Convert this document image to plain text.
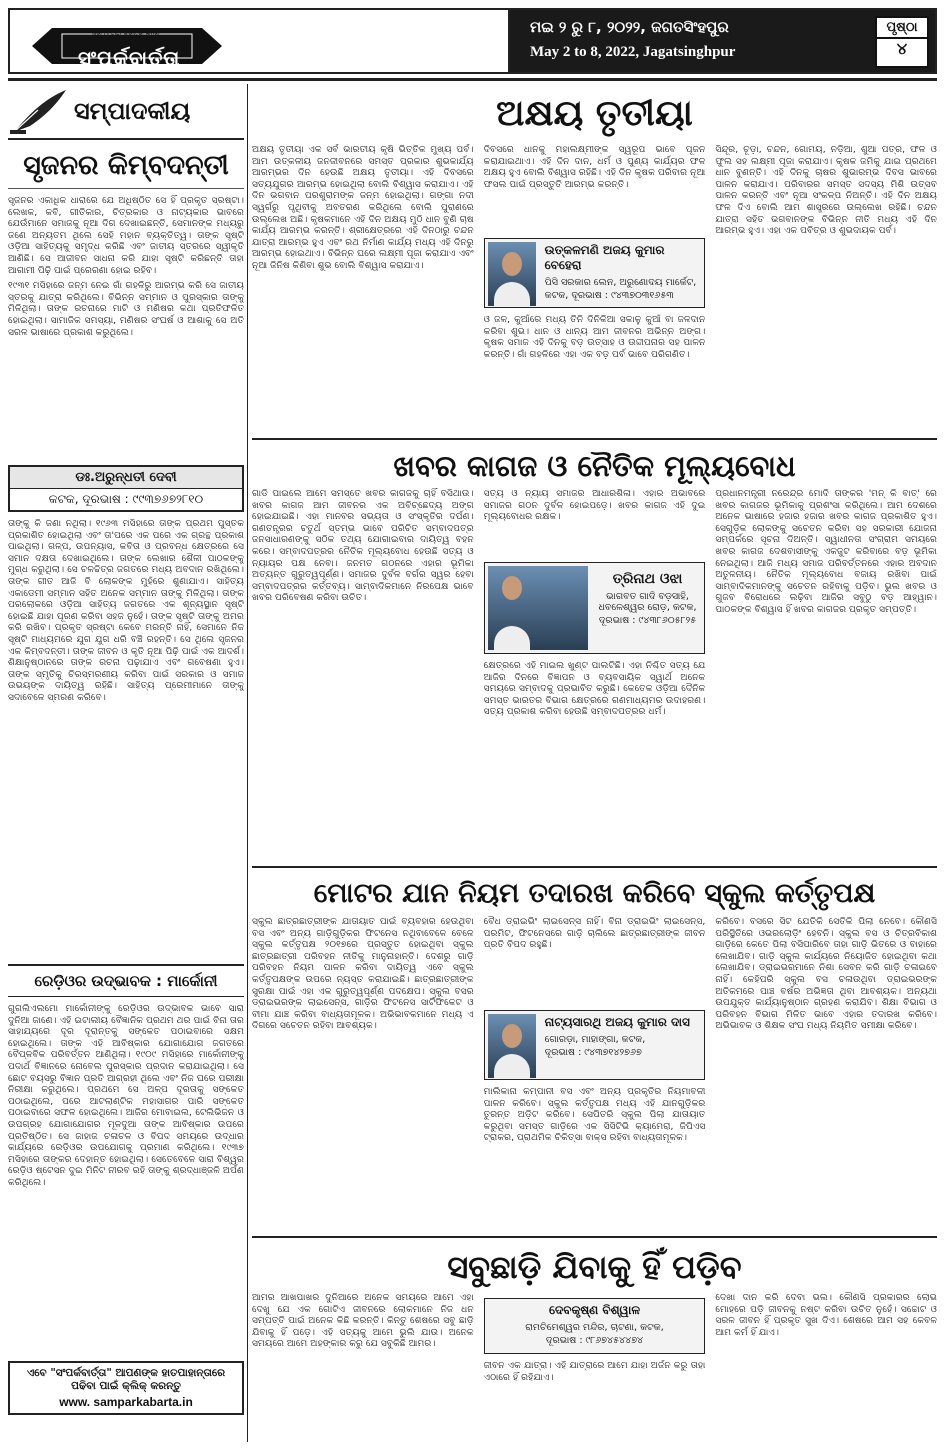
ଜନ ଓ ଗଣ ଚିନ୍ତନ କରେ
ସଂପର୍କବାର୍ତ୍ତା
ମଇ ୨ ରୁ ୮, ୨୦୨୨, ଜଗତସିଂହପୁର
May 2 to 8, 2022, Jagatsinghpur
ପୃଷ୍ଠା
୪
ସମ୍ପାଦକୀୟ
ସୃଜନର କିମ୍ବଦନ୍ତୀ

ସୃଜନର ଏକାଧିକ ଧାରାରେ ଯେ ଅଧିଷ୍ଠିତ ସେ ହିଁ ପ୍ରକୃତ ସ୍ରଷ୍ଟା। ଲେଖକ, କବି, ଗୀତିକାର, ଚିତ୍ରକାର ଓ ନାଟ୍ୟକାର ଭାବରେ ଯେଉଁମାନେ ସମାଜକୁ ନୂଆ ଦିଗ ଦେଖାଇଛନ୍ତି, ସେମାନଙ୍କ ମଧ୍ୟରୁ ଜଣେ ଅନ୍ୟତମ ଥିଲେ ସେହି ମହାନ ବ୍ୟକ୍ତିତ୍ୱ। ତାଙ୍କ ସୃଷ୍ଟି ଓଡ଼ିଆ ସାହିତ୍ୟକୁ ସମୃଦ୍ଧ କରିଛି ଏବଂ ଜାତୀୟ ସ୍ତରରେ ସ୍ୱୀକୃତି ଆଣିଛି। ସେ ଆଜୀବନ ସାଧନା କରି ଯାହା ସୃଷ୍ଟି କରିଛନ୍ତି ତାହା ଆଗାମୀ ପିଢ଼ି ପାଇଁ ପ୍ରେରଣା ହୋଇ ରହିବ।

୧୯୩୧ ମସିହାରେ ଜନ୍ମ ନେଇ ଗାଁ ଗହଳିରୁ ଆରମ୍ଭ କରି ସେ ଜାତୀୟ ସ୍ତରକୁ ଯାତ୍ରା କରିଥିଲେ। ବିଭିନ୍ନ ସମ୍ମାନ ଓ ପୁରସ୍କାର ତାଙ୍କୁ ମିଳିଥିଲା। ତାଙ୍କ ରଚନାରେ ମାଟି ଓ ମଣିଷର କଥା ପ୍ରତିଫଳିତ ହୋଇଥିଲା। ସାମାଜିକ ସମସ୍ୟା, ମଣିଷର ସଂଘର୍ଷ ଓ ଆଶାକୁ ସେ ଅତି ସରଳ ଭାଷାରେ ପ୍ରକାଶ କରୁଥିଲେ।

ଡଃ.ଅରୁନ୍ଧତୀ ଦେବୀ
କଟକ, ଦୂରଭାଷ : ୯୯୩୭୬୭୨୮୧୦
ତାଙ୍କୁ କି ଜଣା ନଥିଲା। ୧୯୬୩ ମସିହାରେ ତାଙ୍କ ପ୍ରଥମ ପୁସ୍ତକ ପ୍ରକାଶିତ ହୋଇଥିଲା ଏବଂ ତା'ପରେ ଏକ ପରେ ଏକ ଗ୍ରନ୍ଥ ପ୍ରକାଶ ପାଇଥିଲା। ଗଳ୍ପ, ଉପନ୍ୟାସ, କବିତା ଓ ପ୍ରବନ୍ଧ କ୍ଷେତ୍ରରେ ସେ ସମାନ ଦକ୍ଷତା ଦେଖାଇଥିଲେ। ତାଙ୍କ ଲେଖାର ଶୈଳୀ ପାଠକଙ୍କୁ ମୁଗ୍ଧ କରୁଥିଲା। ସେ ଚଳଚ୍ଚିତ୍ର ଜଗତରେ ମଧ୍ୟ ଅବଦାନ ରଖିଥିଲେ। ତାଙ୍କ ଗୀତ ଆଜି ବି ଲୋକଙ୍କ ମୁହଁରେ ଶୁଣାଯାଏ। ସାହିତ୍ୟ ଏକାଡେମୀ ସମ୍ମାନ ସହିତ ଅନେକ ସମ୍ମାନ ତାଙ୍କୁ ମିଳିଥିଲା। ତାଙ୍କ ପରଲୋକରେ ଓଡ଼ିଆ ସାହିତ୍ୟ ଜଗତରେ ଏକ ଶୂନ୍ୟସ୍ଥାନ ସୃଷ୍ଟି ହୋଇଛି ଯାହା ପୂରଣ କରିବା ସହଜ ନୁହେଁ। ତାଙ୍କ ସୃଷ୍ଟି ତାଙ୍କୁ ଅମର କରି ରଖିବ। ପ୍ରକୃତ ସ୍ରଷ୍ଟା କେବେ ମରନ୍ତି ନାହିଁ, ସେମାନେ ନିଜ ସୃଷ୍ଟି ମାଧ୍ୟମରେ ଯୁଗ ଯୁଗ ଧରି ବଞ୍ଚି ରହନ୍ତି। ସେ ଥିଲେ ସୃଜନର ଏକ କିମ୍ବଦନ୍ତୀ। ତାଙ୍କ ଜୀବନ ଓ କୃତି ନୂଆ ପିଢ଼ି ପାଇଁ ଏକ ଆଦର୍ଶ। ଶିକ୍ଷାନୁଷ୍ଠାନରେ ତାଙ୍କ ରଚନା ପଢ଼ାଯାଏ ଏବଂ ଗବେଷଣା ହୁଏ। ତାଙ୍କ ସ୍ମୃତିକୁ ଚିରସ୍ମରଣୀୟ କରିବା ପାଇଁ ସରକାର ଓ ସମାଜ ଉଭୟଙ୍କ ଦାୟିତ୍ୱ ରହିଛି। ସାହିତ୍ୟ ପ୍ରେମୀମାନେ ତାଙ୍କୁ ସଦାବେଳେ ସ୍ମରଣ କରିବେ।
ରେଡ଼ିଓର ଉଦ୍ଭାବକ : ମାର୍କୋନୀ
ଗୁଗଲିଏଲମୋ ମାର୍କୋନୀଙ୍କୁ ରେଡ଼ିଓର ଉଦ୍ଭାବକ ଭାବେ ସାରା ଦୁନିଆ ଜାଣେ। ଏହି ଇଟାଲୀୟ ବୈଜ୍ଞାନିକ ପ୍ରଥମ ଥର ପାଇଁ ବିନା ତାର ସାହାଯ୍ୟରେ ଦୂର ଦୂରାନ୍ତକୁ ସଙ୍କେତ ପଠାଇବାରେ ସକ୍ଷମ ହୋଇଥିଲେ। ତାଙ୍କ ଏହି ଆବିଷ୍କାର ଯୋଗାଯୋଗ ଜଗତରେ ବୈପ୍ଳବିକ ପରିବର୍ତ୍ତନ ଆଣିଥିଲା। ୧୯୦୯ ମସିହାରେ ମାର୍କୋନୀଙ୍କୁ ପଦାର୍ଥ ବିଜ୍ଞାନରେ ନୋବେଲ ପୁରସ୍କାର ପ୍ରଦାନ କରାଯାଇଥିଲା। ସେ ଛୋଟ ବୟସରୁ ବିଜ୍ଞାନ ପ୍ରତି ଆଗ୍ରହୀ ଥିଲେ ଏବଂ ନିଜ ଘରେ ପରୀକ୍ଷା ନିରୀକ୍ଷା କରୁଥିଲେ। ପ୍ରଥମେ ସେ ଅଳ୍ପ ଦୂରତାକୁ ସଙ୍କେତ ପଠାଇଥିଲେ, ପରେ ଆଟଲାଣ୍ଟିକ ମହାସାଗର ପାରି ସଙ୍କେତ ପଠାଇବାରେ ସଫଳ ହୋଇଥିଲେ। ଆଜିର ମୋବାଇଲ, ଟେଲିଭିଜନ ଓ ଉପଗ୍ରହ ଯୋଗାଯୋଗର ମୂଳଦୁଆ ତାଙ୍କ ଆବିଷ୍କାର ଉପରେ ପ୍ରତିଷ୍ଠିତ। ସେ ଜାହାଜ ଚଳାଚଳ ଓ ବିପଦ ସମୟରେ ଉଦ୍ଧାର କାର୍ଯ୍ୟରେ ରେଡ଼ିଓର ଉପଯୋଗକୁ ପ୍ରମାଣ କରିଥିଲେ। ୧୯୩୭ ମସିହାରେ ତାଙ୍କର ଦେହାନ୍ତ ହୋଇଥିଲା। ସେତେବେଳେ ସାରା ବିଶ୍ୱର ରେଡ଼ିଓ ଷ୍ଟେସନ ଦୁଇ ମିନିଟ ନୀରବ ରହି ତାଙ୍କୁ ଶ୍ରଦ୍ଧାଞ୍ଜଳି ଅର୍ପଣ କରିଥିଲେ।
ଏବେ "ସଂପର୍କବାର୍ତ୍ତା" ଆପଣଙ୍କ ହାତପାହାନ୍ତାରେ
ପଢିବା ପାଇଁ କ୍ଲିକ୍ କରନ୍ତୁ
www. samparkabarta.in
ଅକ୍ଷୟ ତୃତୀୟା
ଅକ୍ଷୟ ତୃତୀୟା ଏକ ସର୍ବ ଭାରତୀୟ କୃଷି ଭିତ୍ତିକ ମୁଖ୍ୟ ପର୍ବ। ଆମ ଉତ୍କଳୀୟ ଜନଜୀବନରେ ସମସ୍ତ ପ୍ରକାର ଶୁଭକାର୍ଯ୍ୟ ଆରମ୍ଭର ଦିନ ହେଉଛି ଅକ୍ଷୟ ତୃତୀୟା। ଏହି ଦିବସରେ ସତ୍ୟଯୁଗର ଆରମ୍ଭ ହୋଇଥିଲା ବୋଲି ବିଶ୍ୱାସ କରାଯାଏ। ଏହି ଦିନ ଭଗବାନ ପରଶୁରାମଙ୍କ ଜନ୍ମ ହୋଇଥିଲା। ଗଙ୍ଗା ନଦୀ ସ୍ୱର୍ଗରୁ ପୃଥିବୀକୁ ଅବତରଣ କରିଥିଲେ ବୋଲି ପୁରାଣରେ ଉଲ୍ଲେଖ ଅଛି। କୃଷକମାନେ ଏହି ଦିନ ଅକ୍ଷୟ ମୁଠି ଧାନ ବୁଣି ଚାଷ କାର୍ଯ୍ୟ ଆରମ୍ଭ କରନ୍ତି। ଶ୍ରୀକ୍ଷେତ୍ରରେ ଏହି ଦିନଠାରୁ ଚନ୍ଦନ ଯାତ୍ରା ଆରମ୍ଭ ହୁଏ ଏବଂ ରଥ ନିର୍ମାଣ କାର୍ଯ୍ୟ ମଧ୍ୟ ଏହି ଦିନରୁ ଆରମ୍ଭ ହୋଇଥାଏ। ବିଭିନ୍ନ ଘରେ ଲକ୍ଷ୍ମୀ ପୂଜା କରାଯାଏ ଏବଂ ନୂଆ ଜିନିଷ କିଣିବା ଶୁଭ ବୋଲି ବିଶ୍ୱାସ କରାଯାଏ।
ଦିବସରେ ଧାନକୁ ମହାଲକ୍ଷ୍ମୀଙ୍କ ସ୍ୱରୂପ ଭାବେ ପୂଜନ କରାଯାଇଥାଏ। ଏହି ଦିନ ଦାନ, ଧର୍ମ ଓ ପୁଣ୍ୟ କାର୍ଯ୍ୟର ଫଳ ଅକ୍ଷୟ ହୁଏ ବୋଲି ବିଶ୍ୱାସ ରହିଛି। ଏହି ଦିନ କୃଷକ ପରିବାର ନୂଆ ଫସଲ ପାଇଁ ପ୍ରସ୍ତୁତି ଆରମ୍ଭ କରନ୍ତି।
ଉତ୍କଳମଣି ଅଜୟ କୁମାର ବେହେରା
ପିସି ସରକାର ଲେନ, ଅରୁଣୋଦୟ ମାର୍କେଟ,
କଟକ, ଦୂରଭାଷ : ୯୪୩୭୦୩୧୬୫୩
ଓ ଜଳ, କୁଆଁରେ ମଧ୍ୟ ତିନି ଦିନିକିଆ ସକାଳୁ କୁଆଁ ବା ଜଳଦାନ କରିବା ଶୁଭ। ଧାନ ଓ ଧାନ୍ୟ ଆମ ଜୀବନର ଅଭିନ୍ନ ଅଙ୍ଗ। କୃଷକ ସମାଜ ଏହି ଦିନକୁ ବଡ଼ ଉତ୍ସାହ ଓ ଉଦ୍ଦୀପନାର ସହ ପାଳନ କରନ୍ତି। ଗାଁ ଗହଳିରେ ଏହା ଏକ ବଡ଼ ପର୍ବ ଭାବେ ପରିଗଣିତ।
ସିନ୍ଦୂର, ଚୂଡ଼ା, ଚନ୍ଦନ, ଗୋମୟ, ନଡ଼ିଆ, ଶୁଆ ପତ୍ର, ଫଳ ଓ ଫୁଲ ସହ ଲକ୍ଷ୍ମୀ ପୂଜା କରାଯାଏ। କୃଷକ ଜମିକୁ ଯାଇ ପ୍ରଥମେ ଧାନ ବୁଣନ୍ତି। ଏହି ଦିନକୁ ଚାଷର ଶୁଭାରମ୍ଭ ଦିବସ ଭାବରେ ପାଳନ କରାଯାଏ। ପରିବାରର ସମସ୍ତ ସଦସ୍ୟ ମିଶି ଉତ୍ସବ ପାଳନ କରନ୍ତି ଏବଂ ନୂଆ ସଂକଳ୍ପ ନିଅନ୍ତି। ଏହି ଦିନ ଅକ୍ଷୟ ଫଳ ଦିଏ ବୋଲି ଆମ ଶାସ୍ତ୍ରରେ ଉଲ୍ଲେଖ ରହିଛି। ଚନ୍ଦନ ଯାତ୍ରା ସହିତ ଭଗବାନଙ୍କ ବିଭିନ୍ନ ନୀତି ମଧ୍ୟ ଏହି ଦିନ ଆରମ୍ଭ ହୁଏ। ଏହା ଏକ ପବିତ୍ର ଓ ଶୁଭଦାୟକ ପର୍ବ।
ଖବର କାଗଜ ଓ ନୈତିକ ମୂଲ୍ୟବୋଧ
ଗାଡି ପାଇଲେ ଆମେ ସମସ୍ତେ ଖବର କାଗଜକୁ ଚାହିଁ ବସିଥାଉ। ଖବର କାଗଜ ଆମ ଜୀବନର ଏକ ଅବିଚ୍ଛେଦ୍ୟ ଅଙ୍ଗ ହୋଇଯାଇଛି। ଏହା ମାନବର ସଭ୍ୟତା ଓ ସଂସ୍କୃତିର ଦର୍ପଣ। ଗଣତନ୍ତ୍ରର ଚତୁର୍ଥ ସ୍ତମ୍ଭ ଭାବେ ପରିଚିତ ସମ୍ବାଦପତ୍ର ଜନସାଧାରଣଙ୍କୁ ସଠିକ ତଥ୍ୟ ଯୋଗାଇବାର ଦାୟିତ୍ୱ ବହନ କରେ। ସମ୍ବାଦପତ୍ରର ନୈତିକ ମୂଲ୍ୟବୋଧ ହେଉଛି ସତ୍ୟ ଓ ନ୍ୟାୟର ପକ୍ଷ ନେବା। ଜନମତ ଗଠନରେ ଏହାର ଭୂମିକା ଅତ୍ୟନ୍ତ ଗୁରୁତ୍ୱପୂର୍ଣ୍ଣ। ସମାଜର ଦୁର୍ବଳ ବର୍ଗର ସ୍ୱର ହେବା ସମ୍ବାଦପତ୍ରର କର୍ତ୍ତବ୍ୟ। ସାମ୍ବାଦିକମାନେ ନିରପେକ୍ଷ ଭାବେ ଖବର ପରିବେଷଣ କରିବା ଉଚିତ।
ସତ୍ୟ ଓ ନ୍ୟାୟ ସମାଜର ଆଧାରଶିଳା। ଏହାର ଅଭାବରେ ସମାଜର ଗଠନ ଦୁର୍ବଳ ହୋଇପଡ଼େ। ଖବର କାଗଜ ଏହି ଦୁଇ ମୂଲ୍ୟବୋଧର ରକ୍ଷକ।
ତ୍ରିନାଥ ଓଝା
ଭାଗବତ ଗାଦି ବଡ଼ସାହି, ଧବଳେଶ୍ୱର ରୋଡ଼, କଟକ,
ଦୂରଭାଷ : ୯୪୩୮୬୦୫୮୨୫
କ୍ଷେତ୍ରରେ ଏହି ମାଇଲ ଖୁଣ୍ଟ ପାଲଟିଛି। ଏହା ନିଶ୍ଚିତ ସତ୍ୟ ଯେ ଆଜିର ଦିନରେ ବିଜ୍ଞାପନ ଓ ବ୍ୟବସାୟିକ ସ୍ୱାର୍ଥ ଅନେକ ସମୟରେ ସମ୍ବାଦକୁ ପ୍ରଭାବିତ କରୁଛି। କେତେକ ଓଡ଼ିଆ ଦୈନିକ ସମସ୍ତ ଭାରତର ବିଭାଗ କ୍ଷେତ୍ରରେ ଗଣମାଧ୍ୟମର ଉଦାହରଣ। ସତ୍ୟ ପ୍ରକାଶ କରିବା ହେଉଛି ସମ୍ବାଦପତ୍ରର ଧର୍ମ।
ପ୍ରଧାନମନ୍ତ୍ରୀ ନରେନ୍ଦ୍ର ମୋଦି ତାଙ୍କର 'ମନ୍ କି ବାତ୍' ରେ ଖବର କାଗଜର ଭୂମିକାକୁ ପ୍ରଶଂସା କରିଥିଲେ। ଆମ ଦେଶରେ ଅନେକ ଭାଷାରେ ହଜାର ହଜାର ଖବର କାଗଜ ପ୍ରକାଶିତ ହୁଏ। ସେଗୁଡ଼ିକ ଲୋକଙ୍କୁ ସଚେତନ କରିବା ସହ ସରକାରୀ ଯୋଜନା ସମ୍ପର୍କରେ ସୂଚନା ଦିଅନ୍ତି। ସ୍ୱାଧୀନତା ସଂଗ୍ରାମ ସମୟରେ ଖବର କାଗଜ ଦେଶବାସୀଙ୍କୁ ଏକଜୁଟ କରିବାରେ ବଡ଼ ଭୂମିକା ନେଇଥିଲା। ଆଜି ମଧ୍ୟ ସମାଜ ପରିବର୍ତ୍ତନରେ ଏହାର ଅବଦାନ ଅତୁଳନୀୟ। ନୈତିକ ମୂଲ୍ୟବୋଧ ବଜାୟ ରଖିବା ପାଇଁ ସାମ୍ବାଦିକମାନଙ୍କୁ ସଚେତନ ରହିବାକୁ ପଡ଼ିବ। ଭୁଲ ଖବର ଓ ଗୁଜବ ବିରୋଧରେ ଲଢ଼ିବା ଆଜିର ସବୁଠୁ ବଡ଼ ଆହ୍ୱାନ। ପାଠକଙ୍କ ବିଶ୍ୱାସ ହିଁ ଖବର କାଗଜର ପ୍ରକୃତ ସମ୍ପତ୍ତି।
ମୋଟର ଯାନ ନିୟମ ତଦାରଖ କରିବେ ସ୍କୁଲ କର୍ତ୍ତୃପକ୍ଷ
ସ୍କୁଲ ଛାତ୍ରଛାତ୍ରୀଙ୍କ ଯାତାୟାତ ପାଇଁ ବ୍ୟବହାର ହେଉଥିବା ବସ ଏବଂ ଅନ୍ୟ ଗାଡ଼ିଗୁଡ଼ିକର ଫିଟନେସ ନଥିବାବେଳେ ବେଳେ ସ୍କୁଲ କର୍ତ୍ତୃପକ୍ଷ ୨୦୧୭ରେ ପ୍ରସ୍ତୁତ ହୋଇଥିବା ସ୍କୁଲ ଛାତ୍ରଛାତ୍ରୀ ପରିବହନ ନୀତିକୁ ମାନୁନାହାନ୍ତି। ଦେଶରୁ ଗାଡ଼ି ପରିବହନ ନିୟମ ପାଳନ କରିବା ଦାୟିତ୍ୱ ଏବେ ସ୍କୁଲ କର୍ତ୍ତୃପକ୍ଷଙ୍କ ଉପରେ ନ୍ୟସ୍ତ କରାଯାଇଛି। ଛାତ୍ରଛାତ୍ରୀଙ୍କ ସୁରକ୍ଷା ପାଇଁ ଏହା ଏକ ଗୁରୁତ୍ୱପୂର୍ଣ୍ଣ ପଦକ୍ଷେପ। ସ୍କୁଲ ବସର ଡ୍ରାଇଭରଙ୍କ ଲାଇସେନ୍ସ, ଗାଡ଼ିର ଫିଟନେସ ସାର୍ଟିଫିକେଟ ଓ ବୀମା ଯାଞ୍ଚ କରିବା ବାଧ୍ୟତାମୂଳକ। ଅଭିଭାବକମାନେ ମଧ୍ୟ ଏ ଦିଗରେ ସଚେତନ ରହିବା ଆବଶ୍ୟକ।
ବୈଧ ଡ୍ରାଇଭିଂ ଲାଇସେନ୍ସ ନାହିଁ। ବିନା ଡ୍ରାଇଭିଂ ଲାଇସେନ୍ସ, ପରମିଟ, ଫିଟନେସରେ ଗାଡ଼ି ଚାଲିଲେ ଛାତ୍ରଛାତ୍ରୀଙ୍କ ଜୀବନ ପ୍ରତି ବିପଦ ରହୁଛି।
ନାଟ୍ୟସାରଥି ଅଜୟ କୁମାର ଦାସ
ଗୋରଡ଼ା, ମାହାଙ୍ଗା, କଟକ,
ଦୂରଭାଷ : ୯୪୩୭୧୪୨୭୬୭
ମାଲିକାନା କମ୍ପାନୀ ବସ ଏବଂ ଅନ୍ୟ ପ୍ରକୃତିର ନିୟମାବଳୀ ପାଳନ କରିବେ। ସ୍କୁଲ କର୍ତ୍ତୃପକ୍ଷ ମଧ୍ୟ ଏହି ଯାନଗୁଡ଼ିକର ତୁରନ୍ତ ଅଡ଼ିଟ କରିବେ। ସେପିତରି ସ୍କୁଲ ପିଲା ଯାତାୟାତ କରୁଥିବା ସମସ୍ତ ଗାଡ଼ିରେ ଏକ ସିସିଟିଭି କ୍ୟାମେରା, ଜିପିଏସ ଟ୍ରାକର, ପ୍ରାଥମିକ ଚିକିତ୍ସା ବାକ୍ସ ରହିବା ବାଧ୍ୟତାମୂଳକ।
କରିବେ। ବସରେ ସିଟ ଯେତିକି ସେତିକି ପିଲା ନେବେ। କୌଣସି ପରିସ୍ଥିତିରେ ଓଭରଲୋଡ଼ିଂ ହେବନି। ସ୍କୁଲ ବସ ଓ ଚିତ୍ରବିକାଶ ଗାଡ଼ିରେ କେତେ ପିଲା ବସିପାରିବେ ତାହା ଗାଡ଼ି ଭିତରେ ଓ ବାହାରେ ଲେଖାଯିବ। ଗାଡ଼ି ସ୍କୁଲ କାର୍ଯ୍ୟରେ ନିୟୋଜିତ ହୋଇଥିବା କଥା ଲେଖାଯିବ। ଡ୍ରାଇଭରମାନେ ନିଶା ସେବନ କରି ଗାଡ଼ି ଚଳାଇବେ ନାହିଁ। କେହିପରି ସ୍କୁଲ ବସ ଚଳାଉଥିବା ଡ୍ରାଇଭରଙ୍କ ଅତିକମରେ ପାଞ୍ଚ ବର୍ଷର ଅଭିଜ୍ଞତା ଥିବା ଆବଶ୍ୟକ। ଅନ୍ୟଥା ଉପଯୁକ୍ତ କାର୍ଯ୍ୟାନୁଷ୍ଠାନ ଗ୍ରହଣ କରାଯିବ। ଶିକ୍ଷା ବିଭାଗ ଓ ପରିବହନ ବିଭାଗ ମିଳିତ ଭାବେ ଏହାର ତଦାରଖ କରିବେ। ଅଭିଭାବକ ଓ ଶିକ୍ଷକ ସଂଘ ମଧ୍ୟ ନିୟମିତ ସମୀକ୍ଷା କରିବେ।
ସବୁଛାଡ଼ି ଯିବାକୁ ହିଁ ପଡ଼ିବ
ଆମର ଆଖପାଖର ଦୁନିଆରେ ଅନେକ ସମୟରେ ଆମେ ଏହା ଦେଖୁ ଯେ ଏକ ଗୋଟିଏ ଜୀବନରେ ଲୋକମାନେ ନିଜ ଧନ ସମ୍ପତ୍ତି ପାଇଁ ଅନେକ କିଛି କରନ୍ତି। କିନ୍ତୁ ଶେଷରେ ସବୁ ଛାଡ଼ି ଯିବାକୁ ହିଁ ପଡ଼େ। ଏହି ସତ୍ୟକୁ ଆମେ ଭୁଲି ଯାଉ। ଅନେକ ସମୟରେ ଆମେ ଅହଙ୍କାର କରୁ ଯେ ସବୁକିଛି ଆମର।
ଦେବକୃଷ୍ଣ ବିଶ୍ୱାଳ
ରାମଚିମେଶ୍ୱର ମନ୍ଦିର, ଚାଟଣା, କଟକ,
ଦୂରଭାଷ : ୯୮୬୭୪୫୪୪୭୪
ଜୀବନ ଏକ ଯାତ୍ରା। ଏହି ଯାତ୍ରାରେ ଆମେ ଯାହା ଅର୍ଜନ କରୁ ତାହା ଏଠାରେ ହିଁ ରହିଯାଏ।
ଦେଖା ଦାନ କରି ଦେବା ଭଲ। କୌଣସି ପ୍ରକାରର ଲୋଭ ମୋହରେ ପଡ଼ି ଜୀବନକୁ ନଷ୍ଟ କରିବା ଉଚିତ ନୁହେଁ। ସଚ୍ଚୋଟ ଓ ସରଳ ଜୀବନ ହିଁ ପ୍ରକୃତ ସୁଖ ଦିଏ। ଶେଷରେ ଆମ ସହ କେବଳ ଆମ କର୍ମ ହିଁ ଯାଏ।
